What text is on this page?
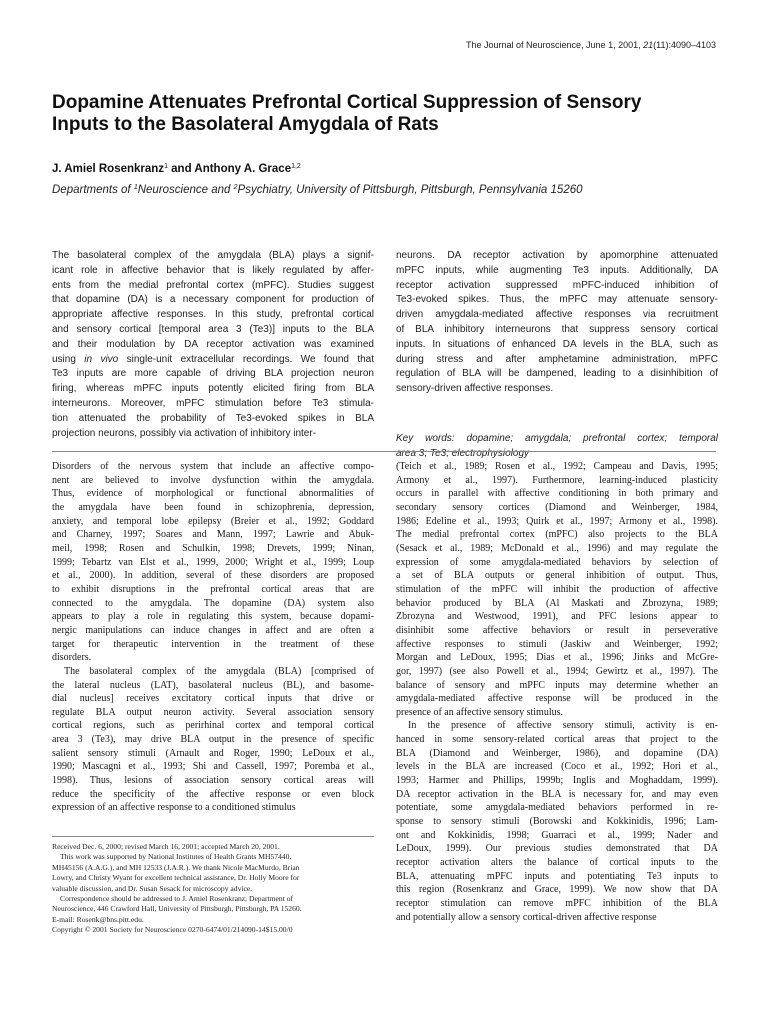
The Journal of Neuroscience, June 1, 2001, 21(11):4090–4103
Dopamine Attenuates Prefrontal Cortical Suppression of Sensory
Inputs to the Basolateral Amygdala of Rats
J. Amiel Rosenkranz$^1$ and Anthony A. Grace$^{1,2}$
Departments of $^1$Neuroscience and $^2$Psychiatry, University of Pittsburgh, Pittsburgh, Pennsylvania 15260
The basolateral complex of the amygdala (BLA) plays a signif-
icant role in affective behavior that is likely regulated by affer-
ents from the medial prefrontal cortex (mPFC). Studies suggest
that dopamine (DA) is a necessary component for production of
appropriate affective responses. In this study, prefrontal cortical
and sensory cortical [temporal area 3 (Te3)] inputs to the BLA
and their modulation by DA receptor activation was examined
using in vivo single-unit extracellular recordings. We found that
Te3 inputs are more capable of driving BLA projection neuron
firing, whereas mPFC inputs potently elicited firing from BLA
interneurons. Moreover, mPFC stimulation before Te3 stimula-
tion attenuated the probability of Te3-evoked spikes in BLA
projection neurons, possibly via activation of inhibitory inter-
neurons. DA receptor activation by apomorphine attenuated
mPFC inputs, while augmenting Te3 inputs. Additionally, DA
receptor activation suppressed mPFC-induced inhibition of
Te3-evoked spikes. Thus, the mPFC may attenuate sensory-
driven amygdala-mediated affective responses via recruitment
of BLA inhibitory interneurons that suppress sensory cortical
inputs. In situations of enhanced DA levels in the BLA, such as
during stress and after amphetamine administration, mPFC
regulation of BLA will be dampened, leading to a disinhibition of
sensory-driven affective responses.
Key words: dopamine; amygdala; prefrontal cortex; temporal
area 3; Te3; electrophysiology
Disorders of the nervous system that include an affective compo-
nent are believed to involve dysfunction within the amygdala.
Thus, evidence of morphological or functional abnormalities of
the amygdala have been found in schizophrenia, depression,
anxiety, and temporal lobe epilepsy (Breier et al., 1992; Goddard
and Charney, 1997; Soares and Mann, 1997; Lawrie and Abuk-
meil, 1998; Rosen and Schulkin, 1998; Drevets, 1999; Ninan,
1999; Tebartz van Elst et al., 1999, 2000; Wright et al., 1999; Loup
et al., 2000). In addition, several of these disorders are proposed
to exhibit disruptions in the prefrontal cortical areas that are
connected to the amygdala. The dopamine (DA) system also
appears to play a role in regulating this system, because dopami-
nergic manipulations can induce changes in affect and are often a
target for therapeutic intervention in the treatment of these
disorders.
The basolateral complex of the amygdala (BLA) [comprised of
the lateral nucleus (LAT), basolateral nucleus (BL), and basome-
dial nucleus] receives excitatory cortical inputs that drive or
regulate BLA output neuron activity. Several association sensory
cortical regions, such as perirhinal cortex and temporal cortical
area 3 (Te3), may drive BLA output in the presence of specific
salient sensory stimuli (Arnault and Roger, 1990; LeDoux et al.,
1990; Mascagni et al., 1993; Shi and Cassell, 1997; Poremba et al.,
1998). Thus, lesions of association sensory cortical areas will
reduce the specificity of the affective response or even block
expression of an affective response to a conditioned stimulus
(Teich et al., 1989; Rosen et al., 1992; Campeau and Davis, 1995;
Armony et al., 1997). Furthermore, learning-induced plasticity
occurs in parallel with affective conditioning in both primary and
secondary sensory cortices (Diamond and Weinberger, 1984,
1986; Edeline et al., 1993; Quirk et al., 1997; Armony et al., 1998).
The medial prefrontal cortex (mPFC) also projects to the BLA
(Sesack et al., 1989; McDonald et al., 1996) and may regulate the
expression of some amygdala-mediated behaviors by selection of
a set of BLA outputs or general inhibition of output. Thus,
stimulation of the mPFC will inhibit the production of affective
behavior produced by BLA (Al Maskati and Zbrozyna, 1989;
Zbrozyna and Westwood, 1991), and PFC lesions appear to
disinhibit some affective behaviors or result in perseverative
affective responses to stimuli (Jaskiw and Weinberger, 1992;
Morgan and LeDoux, 1995; Dias et al., 1996; Jinks and McGre-
gor, 1997) (see also Powell et al., 1994; Gewirtz et al., 1997). The
balance of sensory and mPFC inputs may determine whether an
amygdala-mediated affective response will be produced in the
presence of an affective sensory stimulus.
In the presence of affective sensory stimuli, activity is en-
hanced in some sensory-related cortical areas that project to the
BLA (Diamond and Weinberger, 1986), and dopamine (DA)
levels in the BLA are increased (Coco et al., 1992; Hori et al.,
1993; Harmer and Phillips, 1999b; Inglis and Moghaddam, 1999).
DA receptor activation in the BLA is necessary for, and may even
potentiate, some amygdala-mediated behaviors performed in re-
sponse to sensory stimuli (Borowski and Kokkinidis, 1996; Lam-
ont and Kokkinidis, 1998; Guarraci et al., 1999; Nader and
LeDoux, 1999). Our previous studies demonstrated that DA
receptor activation alters the balance of cortical inputs to the
BLA, attenuating mPFC inputs and potentiating Te3 inputs to
this region (Rosenkranz and Grace, 1999). We now show that DA
receptor stimulation can remove mPFC inhibition of the BLA
and potentially allow a sensory cortical-driven affective response
Received Dec. 6, 2000; revised March 16, 2001; accepted March 20, 2001.
This work was supported by National Institutes of Health Grants MH57440,
MH45156 (A.A.G.), and MH 12533 (J.A.R.). We thank Nicole MacMurdo, Brian
Lowry, and Christy Wyant for excellent technical assistance, Dr. Holly Moore for
valuable discussion, and Dr. Susan Sesack for microscopy advice.
Correspondence should be addressed to J. Amiel Rosenkranz, Department of
Neuroscience, 446 Crawford Hall, University of Pittsburgh, Pittsburgh, PA 15260.
E-mail: Rosenk@bns.pitt.edu.
Copyright © 2001 Society for Neuroscience 0270-6474/01/214090-14$15.00/0
